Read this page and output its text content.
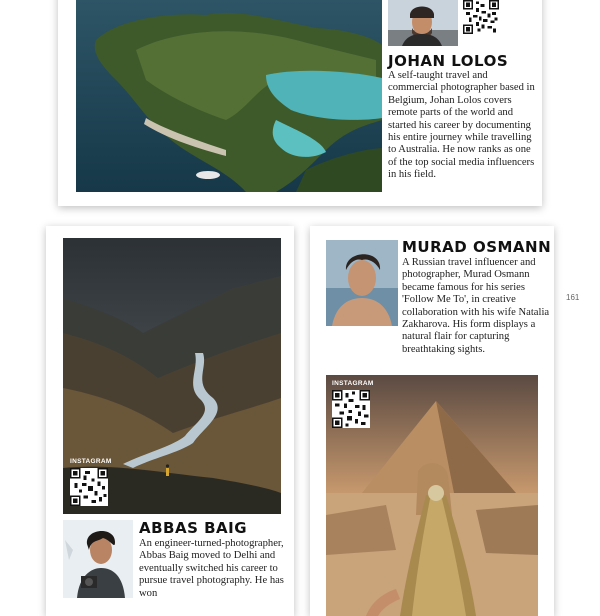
JOHAN LOLOS

A self-taught travel and commercial photographer based in Belgium, Johan Lolos covers remote parts of the world and started his career by documenting his entire journey while travelling to Australia. He now ranks as one of the top social media influencers in his field.

INSTAGRAM
ABBAS BAIG

An engineer-turned-photographer, Abbas Baig moved to Delhi and eventually switched his career to pursue travel photography. He has won

MURAD OSMANN

A Russian travel influencer and photographer, Murad Osmann became famous for his series 'Follow Me To', in creative collaboration with his wife Natalia Zakharova. His form displays a natural flair for capturing breathtaking sights.

INSTAGRAM
161
